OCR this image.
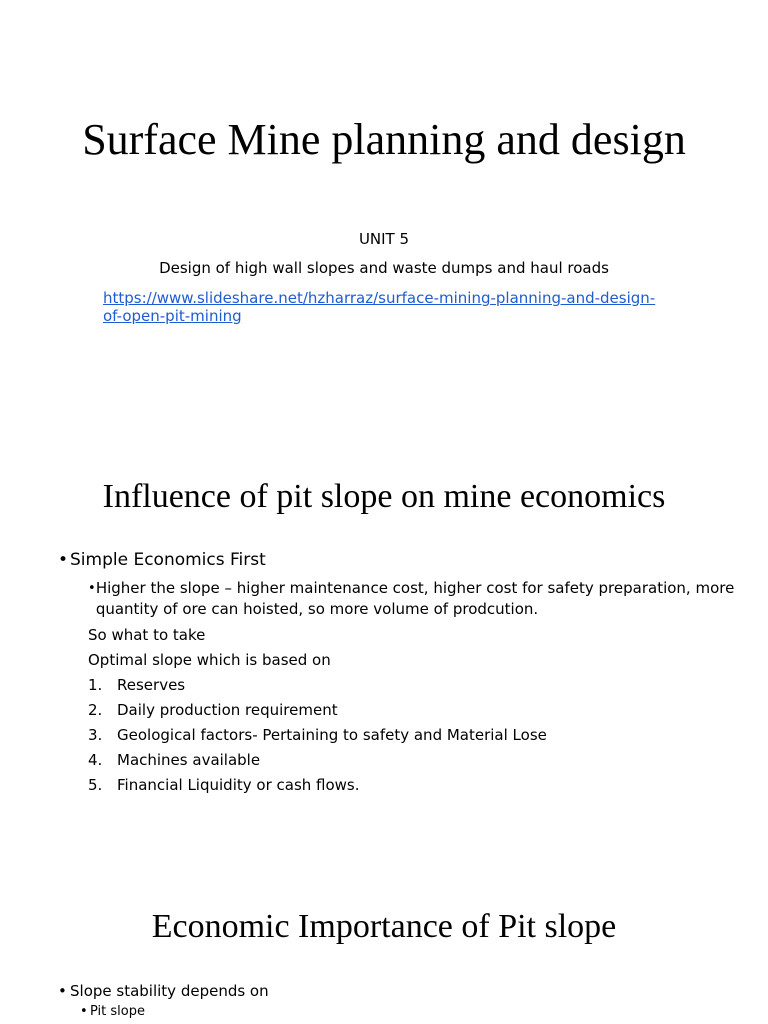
Surface Mine planning and design
UNIT 5
Design of high wall slopes and waste dumps and haul roads
https://www.slideshare.net/hzharraz/surface-mining-planning-and-design-of-open-pit-mining
Influence of pit slope on mine economics
• Simple Economics First
• Higher the slope – higher maintenance cost, higher cost for safety preparation, more quantity of ore can hoisted, so more volume of prodcution.
So what to take
Optimal slope which is based on
1. Reserves
2. Daily production requirement
3. Geological factors- Pertaining to safety and Material Lose
4. Machines available
5. Financial Liquidity or cash flows.
Economic Importance of Pit slope
• Slope stability depends on
• Pit slope
